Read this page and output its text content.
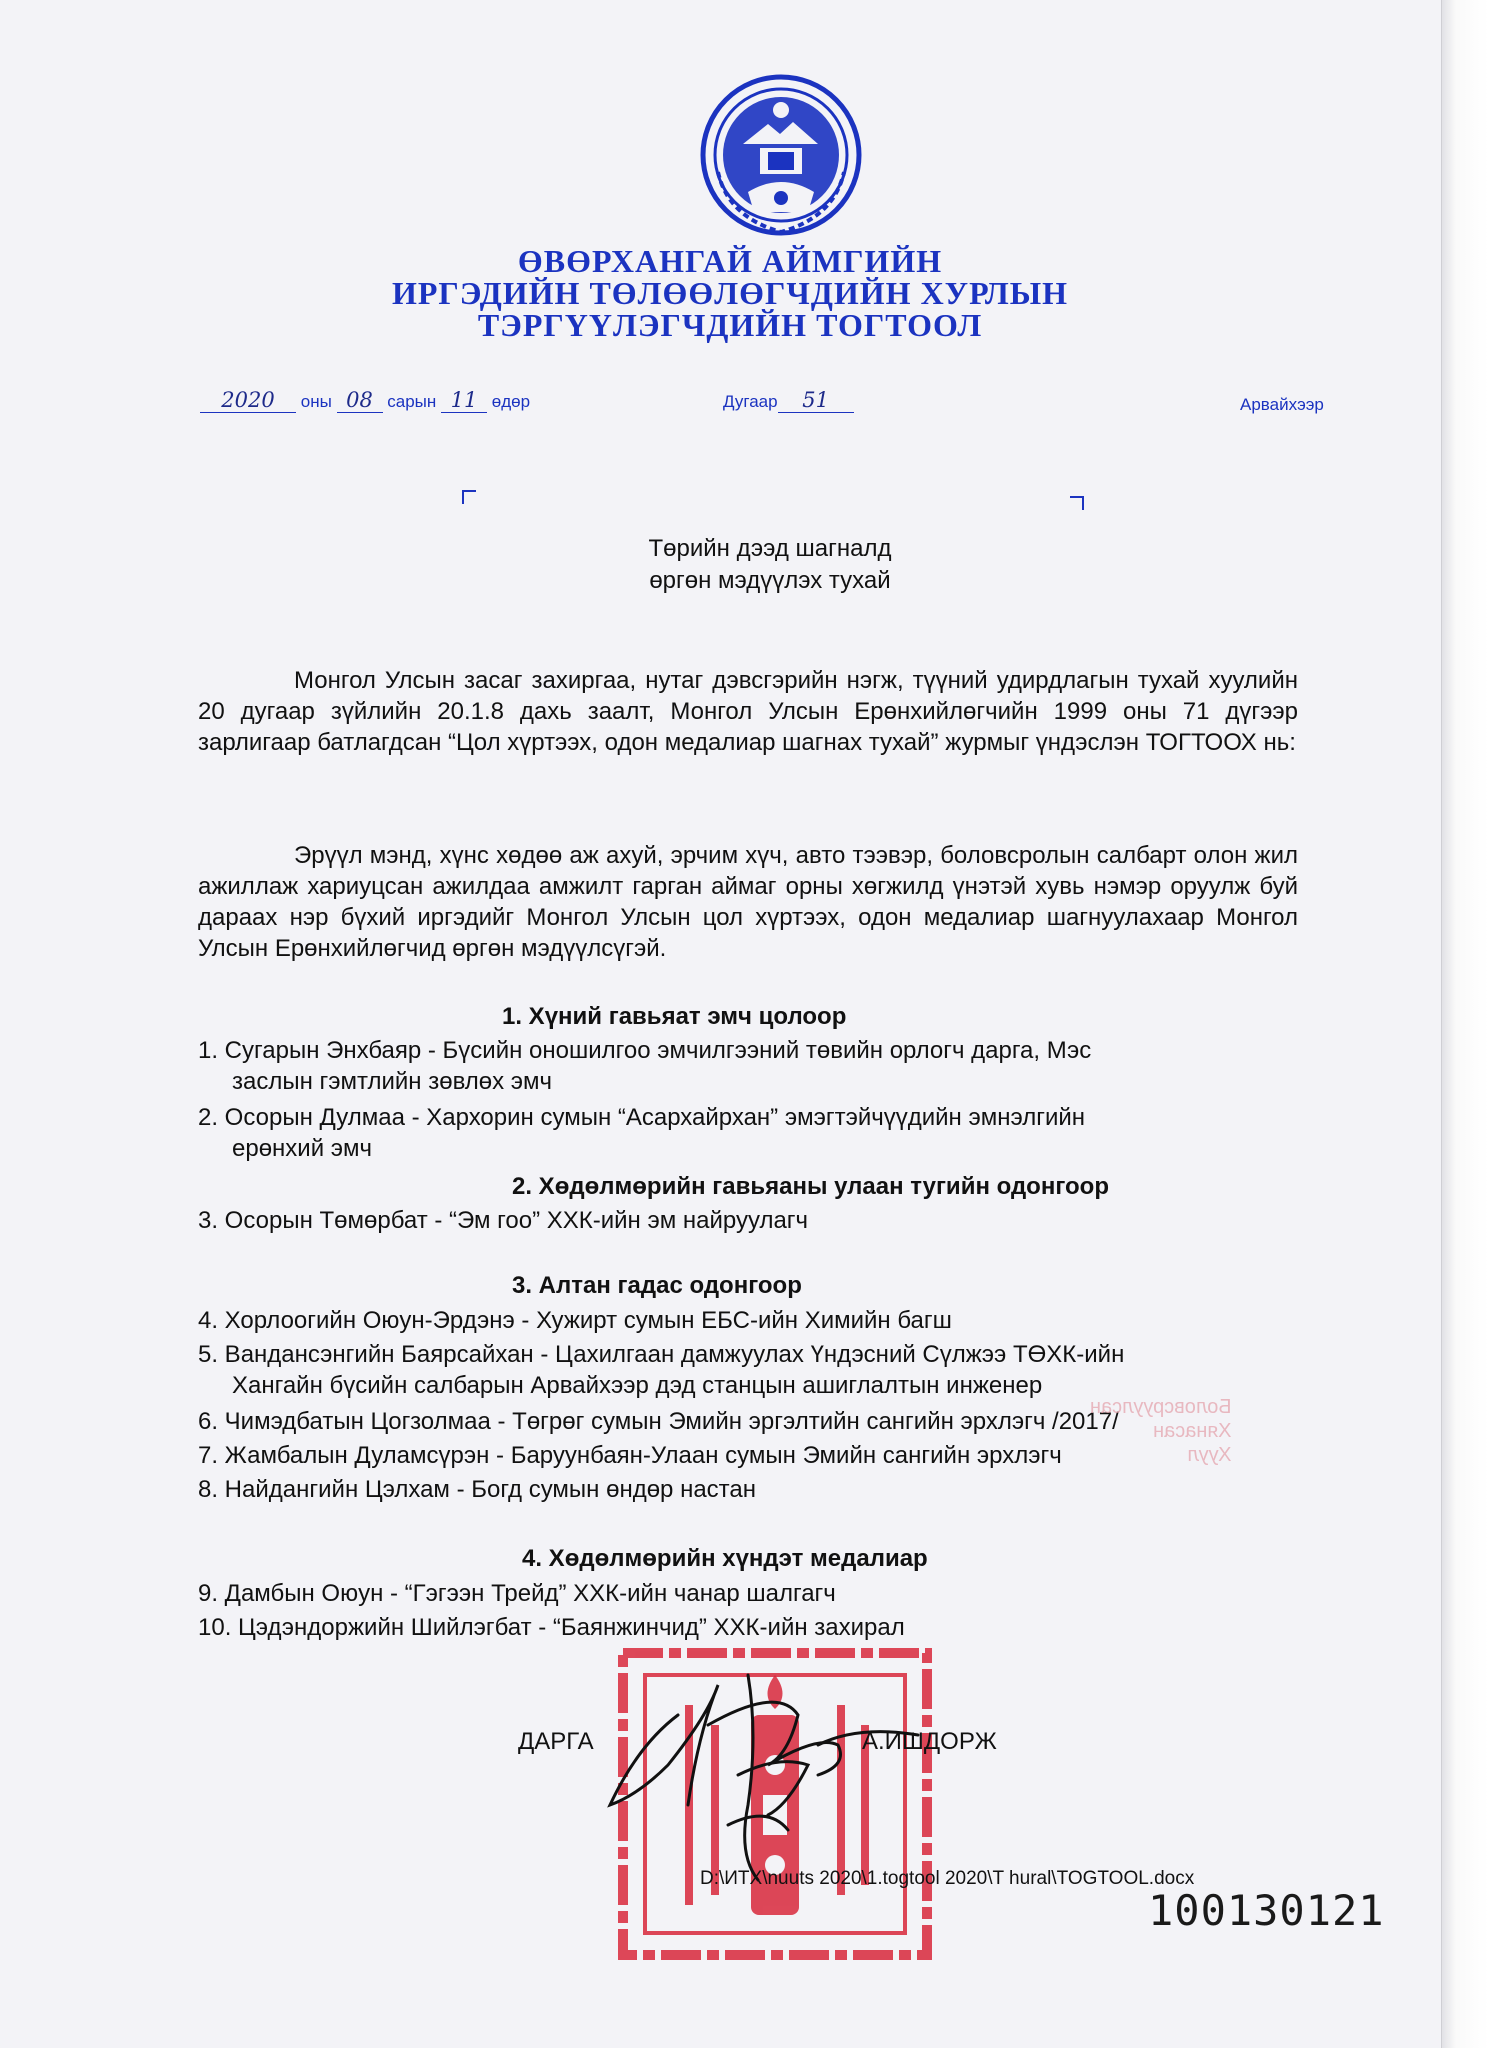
ӨВӨРХАНГАЙ АЙМГИЙН
ИРГЭДИЙН ТӨЛӨӨЛӨГЧДИЙН ХУРЛЫН
ТЭРГҮҮЛЭГЧДИЙН ТОГТООЛ
2020 оны 08 сарын 11 өдөр	Дугаар 51	Арвайхээр
Төрийн дээд шагналд
өргөн мэдүүлэх тухай

Монгол Улсын засаг захиргаа, нутаг дэвсгэрийн нэгж, түүний удирдлагын тухай хуулийн 20 дугаар зүйлийн 20.1.8 дахь заалт, Монгол Улсын Ерөнхийлөгчийн 1999 оны 71 дүгээр зарлигаар батлагдсан “Цол хүртээх, одон медалиар шагнах тухай” журмыг үндэслэн ТОГТООХ нь:

Эрүүл мэнд, хүнс хөдөө аж ахуй, эрчим хүч, авто тээвэр, боловсролын салбарт олон жил ажиллаж хариуцсан ажилдаа амжилт гарган аймаг орны хөгжилд үнэтэй хувь нэмэр оруулж буй дараах нэр бүхий иргэдийг Монгол Улсын цол хүртээх, одон медалиар шагнуулахаар Монгол Улсын Ерөнхийлөгчид өргөн мэдүүлсүгэй.

1. Хүний гавьяат эмч цолоор
1. Сугарын Энхбаяр - Бүсийн оношилгоо эмчилгээний төвийн орлогч дарга, Мэс
заслын гэмтлийн зөвлөх эмч
2. Осорын Дулмаа - Хархорин сумын “Асархайрхан” эмэгтэйчүүдийн эмнэлгийн
ерөнхий эмч
2. Хөдөлмөрийн гавьяаны улаан тугийн одонгоор
3. Осорын Төмөрбат - “Эм гоо” ХХК-ийн эм найруулагч
3. Алтан гадас одонгоор
4. Хорлоогийн Оюун-Эрдэнэ - Хужирт сумын ЕБС-ийн Химийн багш
5. Вандансэнгийн Баярсайхан - Цахилгаан дамжуулах Үндэсний Сүлжээ ТӨХК-ийн
Хангайн бүсийн салбарын Арвайхээр дэд станцын ашиглалтын инженер
6. Чимэдбатын Цогзолмаа - Төгрөг сумын Эмийн эргэлтийн сангийн эрхлэгч /2017/
7. Жамбалын Дуламсүрэн - Баруунбаян-Улаан сумын Эмийн сангийн эрхлэгч
8. Найдангийн Цэлхам - Богд сумын өндөр настан
4. Хөдөлмөрийн хүндэт медалиар
9. Дамбын Оюун - “Гэгээн Трейд” ХХК-ийн чанар шалгагч
10. Цэдэндоржийн Шийлэгбат - “Баянжинчид” ХХК-ийн захирал
Боловсруулсан
Хянасан
Хуул
ДАРГА	А.ИШДОРЖ
D:\ИТХ\nuuts 2020\1.togtool 2020\T hural\TOGTOOL.docx
100130121
